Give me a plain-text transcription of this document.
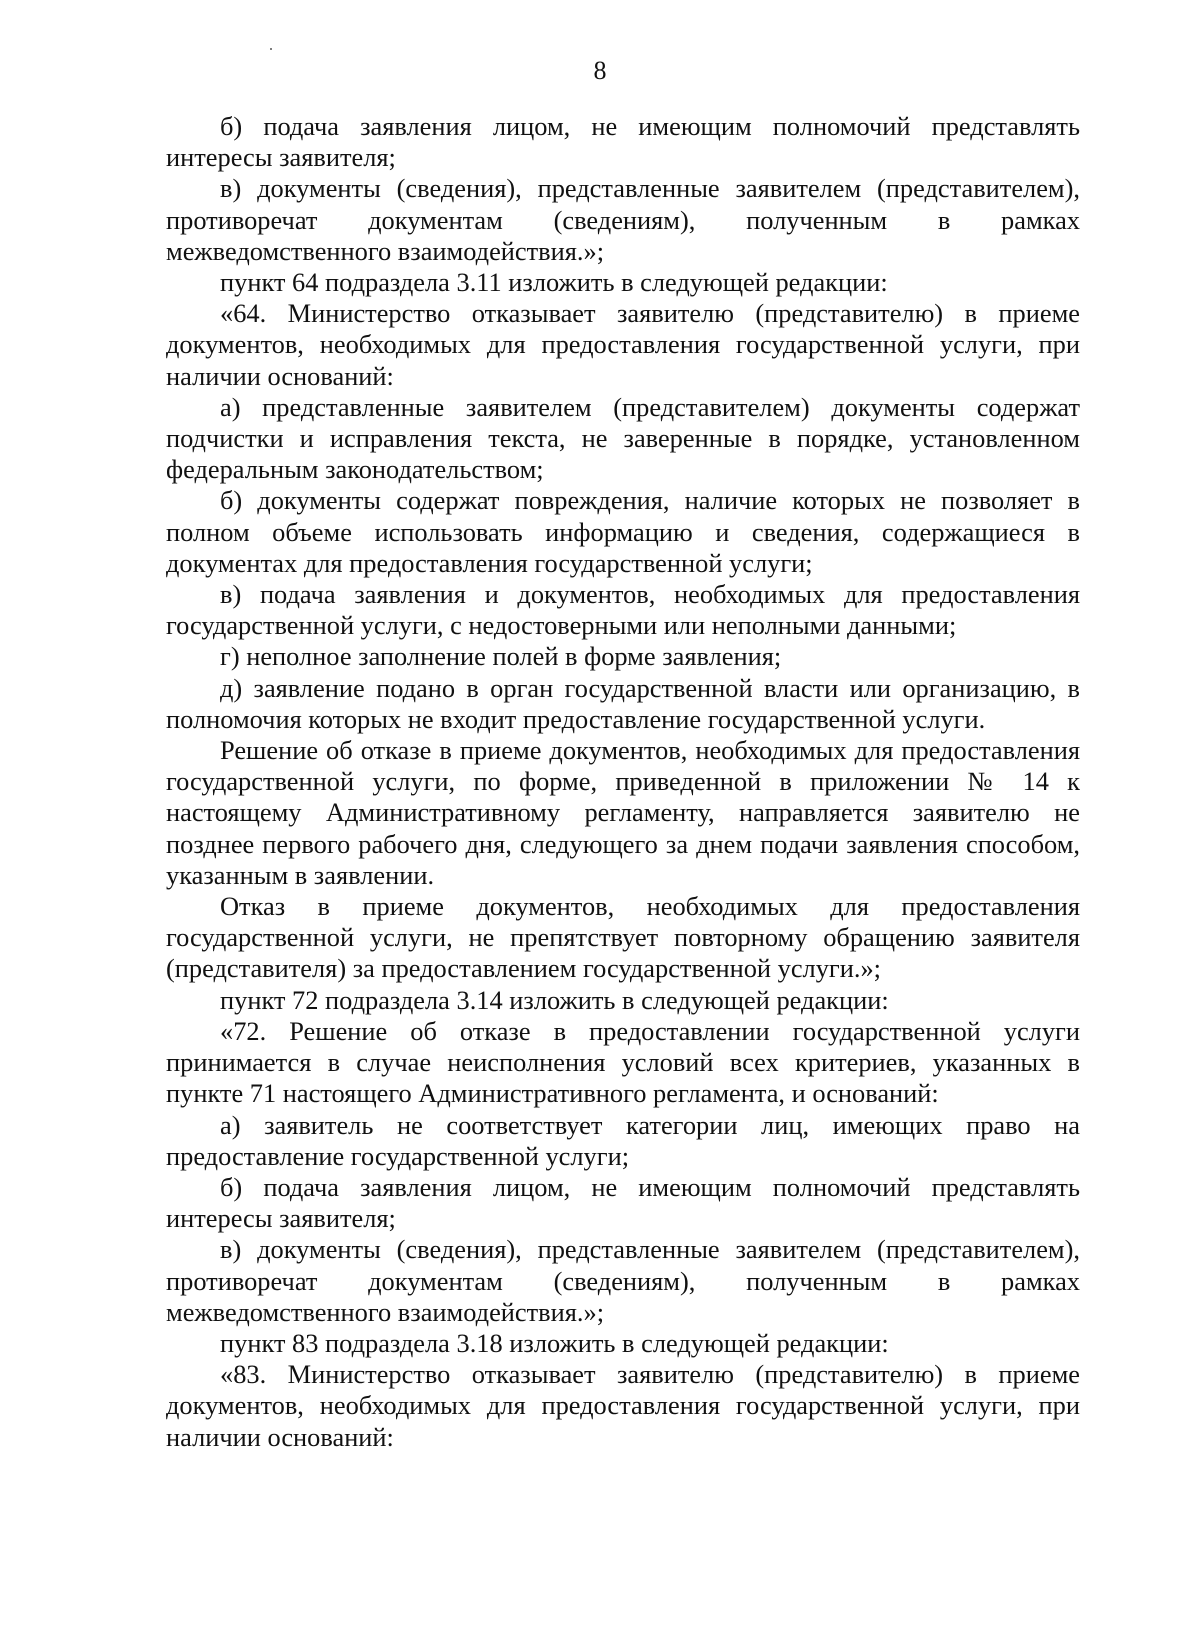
8

б) подача заявления лицом, не имеющим полномочий представлять интересы заявителя;

в) документы (сведения), представленные заявителем (представителем), противоречат документам (сведениям), полученным в рамках межведомственного взаимодействия.»;

пункт 64 подраздела 3.11 изложить в следующей редакции:

«64. Министерство отказывает заявителю (представителю) в приеме документов, необходимых для предоставления государственной услуги, при наличии оснований:

а) представленные заявителем (представителем) документы содержат подчистки и исправления текста, не заверенные в порядке, установленном федеральным законодательством;

б) документы содержат повреждения, наличие которых не позволяет в полном объеме использовать информацию и сведения, содержащиеся в документах для предоставления государственной услуги;

в) подача заявления и документов, необходимых для предоставления государственной услуги, с недостоверными или неполными данными;

г) неполное заполнение полей в форме заявления;

д) заявление подано в орган государственной власти или организацию, в полномочия которых не входит предоставление государственной услуги.

Решение об отказе в приеме документов, необходимых для предоставления государственной услуги, по форме, приведенной в приложении № 14 к настоящему Административному регламенту, направляется заявителю не позднее первого рабочего дня, следующего за днем подачи заявления способом, указанным в заявлении.

Отказ в приеме документов, необходимых для предоставления государственной услуги, не препятствует повторному обращению заявителя (представителя) за предоставлением государственной услуги.»;

пункт 72 подраздела 3.14 изложить в следующей редакции:

«72. Решение об отказе в предоставлении государственной услуги принимается в случае неисполнения условий всех критериев, указанных в пункте 71 настоящего Административного регламента, и оснований:

а) заявитель не соответствует категории лиц, имеющих право на предоставление государственной услуги;

б) подача заявления лицом, не имеющим полномочий представлять интересы заявителя;

в) документы (сведения), представленные заявителем (представителем), противоречат документам (сведениям), полученным в рамках межведомственного взаимодействия.»;

пункт 83 подраздела 3.18 изложить в следующей редакции:

«83. Министерство отказывает заявителю (представителю) в приеме документов, необходимых для предоставления государственной услуги, при наличии оснований:
